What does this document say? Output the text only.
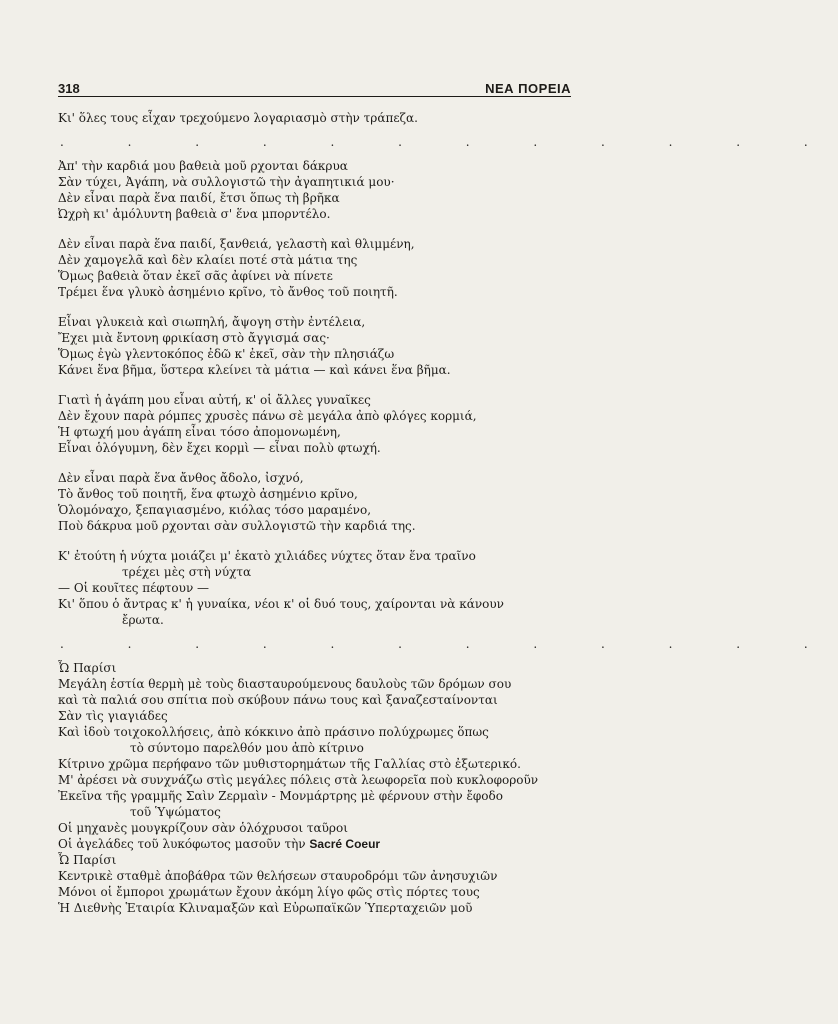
318	ΝΕΑ ΠΟΡΕΙΑ
Κι' ὅλες τους εἶχαν τρεχούμενο λογαριασμὸ στὴν τράπεζα.
. . . . . . . . . . . .
Ἀπ' τὴν καρδιά μου βαθειὰ μοῦ ρχονται δάκρυα
Σὰν τύχει, Ἀγάπη, νὰ συλλογιστῶ τὴν ἀγαπητικιά μου·
Δὲν εἶναι παρὰ ἕνα παιδί, ἔτσι ὅπως τὴ βρῆκα
Ὠχρὴ κι' ἀμόλυντη βαθειὰ σ' ἕνα μπορντέλο.
Δὲν εἶναι παρὰ ἕνα παιδί, ξανθειά, γελαστὴ καὶ θλιμμένη,
Δὲν χαμογελᾶ καὶ δὲν κλαίει ποτέ στὰ μάτια της
Ὅμως βαθειὰ ὅταν ἐκεῖ σᾶς ἀφίνει νὰ πίνετε
Τρέμει ἕνα γλυκὸ ἀσημένιο κρῖνο, τὸ ἄνθος τοῦ ποιητῆ.
Εἶναι γλυκειὰ καὶ σιωπηλή, ἄψογη στὴν ἐντέλεια,
Ἔχει μιὰ ἔντονη φρικίαση στὸ ἄγγισμά σας·
Ὅμως ἐγὼ γλεντοκόπος ἐδῶ κ' ἐκεῖ, σὰν τὴν πλησιάζω
Κάνει ἕνα βῆμα, ὕστερα κλείνει τὰ μάτια — καὶ κάνει ἕνα βῆμα.
Γιατὶ ἡ ἀγάπη μου εἶναι αὐτή, κ' οἱ ἄλλες γυναῖκες
Δὲν ἔχουν παρὰ ρόμπες χρυσὲς πάνω σὲ μεγάλα ἀπὸ φλόγες κορμιά,
Ἡ φτωχή μου ἀγάπη εἶναι τόσο ἀπομονωμένη,
Εἶναι ὁλόγυμνη, δὲν ἔχει κορμὶ — εἶναι πολὺ φτωχή.
Δὲν εἶναι παρὰ ἕνα ἄνθος ἄδολο, ἰσχνό,
Τὸ ἄνθος τοῦ ποιητῆ, ἕνα φτωχὸ ἀσημένιο κρῖνο,
Ὁλομόναχο, ξεπαγιασμένο, κιόλας τόσο μαραμένο,
Ποὺ δάκρυα μοῦ ρχονται σὰν συλλογιστῶ τὴν καρδιά της.
Κ' ἐτούτη ἡ νύχτα μοιάζει μ' ἑκατὸ χιλιάδες νύχτες ὅταν ἕνα τραῖνο
τρέχει μὲς στὴ νύχτα
— Οἱ κουῖτες πέφτουν —
Κι' ὅπου ὁ ἄντρας κ' ἡ γυναίκα, νέοι κ' οἱ δυό τους, χαίρονται νὰ κάνουν
ἔρωτα.
. . . . . . . . . . . .
Ὦ Παρίσι
Μεγάλη ἑστία θερμὴ μὲ τοὺς διασταυρούμενους δαυλοὺς τῶν δρόμων σου
καὶ τὰ παλιά σου σπίτια ποὺ σκύβουν πάνω τους καὶ ξαναζεσταίνονται
Σὰν τὶς γιαγιάδες
Καὶ ἰδοὺ τοιχοκολλήσεις, ἀπὸ κόκκινο ἀπὸ πράσινο πολύχρωμες ὅπως
τὸ σύντομο παρελθόν μου ἀπὸ κίτρινο
Κίτρινο χρῶμα περήφανο τῶν μυθιστορημάτων τῆς Γαλλίας στὸ ἐξωτερικό.
Μ' ἀρέσει νὰ συνχνάζω στὶς μεγάλες πόλεις στὰ λεωφορεῖα ποὺ κυκλοφοροῦν
Ἐκεῖνα τῆς γραμμῆς Σαὶν Ζερμαὶν - Μονμάρτρης μὲ φέρνουν στὴν ἔφοδο
τοῦ Ὑψώματος
Οἱ μηχανὲς μουγκρίζουν σὰν ὁλόχρυσοι ταῦροι
Οἱ ἀγελάδες τοῦ λυκόφωτος μασοῦν τὴν Sacré Coeur
Ὦ Παρίσι
Κεντρικὲ σταθμὲ ἀποβάθρα τῶν θελήσεων σταυροδρόμι τῶν ἀνησυχιῶν
Μόνοι οἱ ἔμποροι χρωμάτων ἔχουν ἀκόμη λίγο φῶς στὶς πόρτες τους
Ἡ Διεθνὴς Ἑταιρία Κλιναμαξῶν καὶ Εὐρωπαϊκῶν Ὑπερταχειῶν μοῦ
